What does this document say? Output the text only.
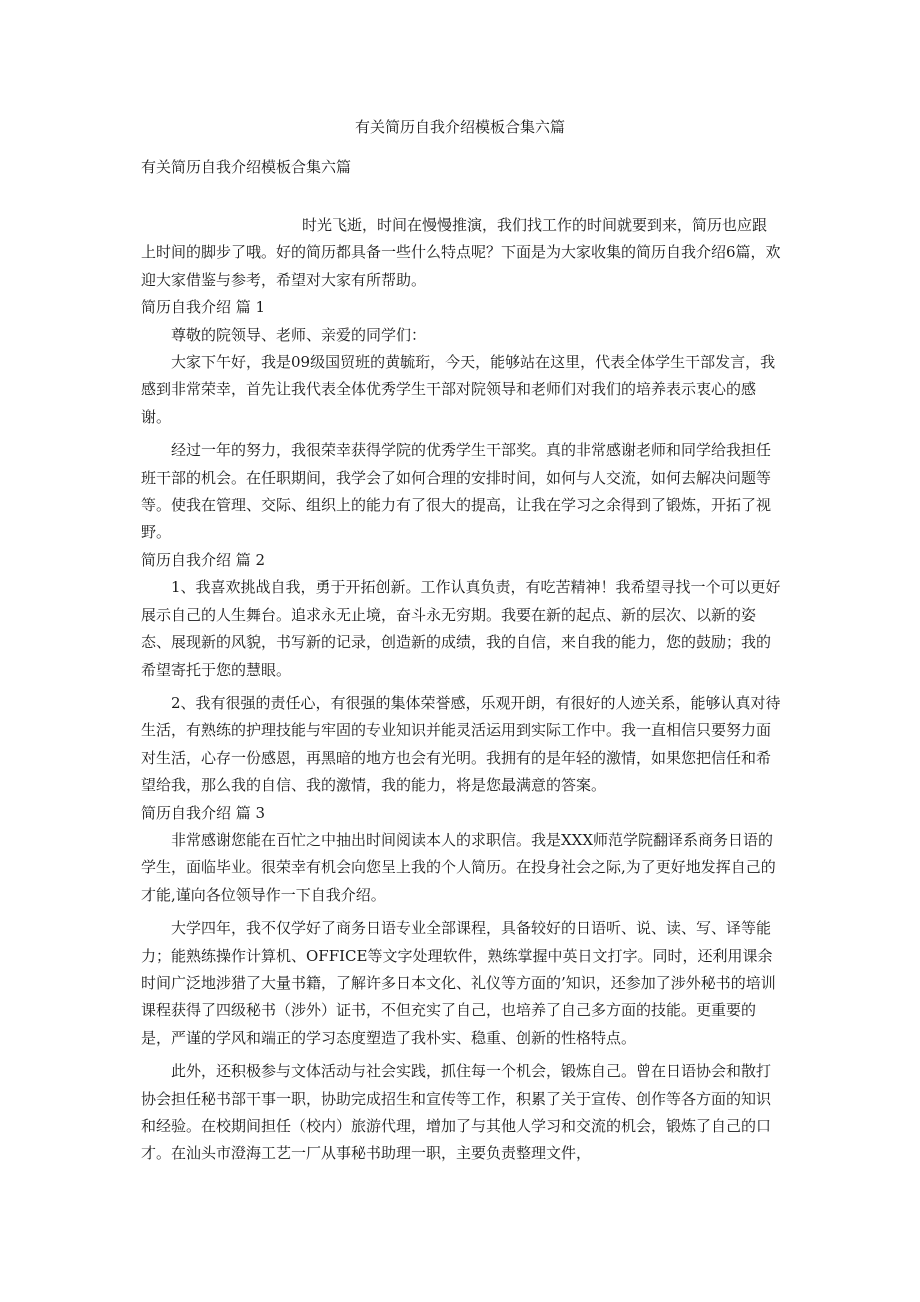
有关简历自我介绍模板合集六篇
有关简历自我介绍模板合集六篇

时光飞逝，时间在慢慢推演，我们找工作的时间就要到来，简历也应跟上时间的脚步了哦。好的简历都具备一些什么特点呢？下面是为大家收集的简历自我介绍6篇，欢迎大家借鉴与参考，希望对大家有所帮助。

简历自我介绍 篇 1

尊敬的院领导、老师、亲爱的同学们：

大家下午好，我是09级国贸班的黄毓珩，今天，能够站在这里，代表全体学生干部发言，我感到非常荣幸，首先让我代表全体优秀学生干部对院领导和老师们对我们的培养表示衷心的感谢。

经过一年的努力，我很荣幸获得学院的优秀学生干部奖。真的非常感谢老师和同学给我担任班干部的机会。在任职期间，我学会了如何合理的安排时间，如何与人交流，如何去解决问题等等。使我在管理、交际、组织上的能力有了很大的提高，让我在学习之余得到了锻炼，开拓了视野。

简历自我介绍 篇 2

1、我喜欢挑战自我，勇于开拓创新。工作认真负责，有吃苦精神！我希望寻找一个可以更好展示自己的人生舞台。追求永无止境，奋斗永无穷期。我要在新的起点、新的层次、以新的姿态、展现新的风貌，书写新的记录，创造新的成绩，我的自信，来自我的能力，您的鼓励；我的希望寄托于您的慧眼。

2、我有很强的责任心，有很强的集体荣誉感，乐观开朗，有很好的人迹关系，能够认真对待生活，有熟练的护理技能与牢固的专业知识并能灵活运用到实际工作中。我一直相信只要努力面对生活，心存一份感恩，再黑暗的地方也会有光明。我拥有的是年轻的激情，如果您把信任和希望给我，那么我的自信、我的激情，我的能力，将是您最满意的答案。

简历自我介绍 篇 3

非常感谢您能在百忙之中抽出时间阅读本人的求职信。我是XXX师范学院翻译系商务日语的学生，面临毕业。很荣幸有机会向您呈上我的个人简历。在投身社会之际,为了更好地发挥自己的才能,谨向各位领导作一下自我介绍。

大学四年，我不仅学好了商务日语专业全部课程，具备较好的日语听、说、读、写、译等能力；能熟练操作计算机、OFFICE等文字处理软件，熟练掌握中英日文打字。同时，还利用课余时间广泛地涉猎了大量书籍，了解许多日本文化、礼仪等方面的’知识，还参加了涉外秘书的培训课程获得了四级秘书（涉外）证书，不但充实了自己，也培养了自己多方面的技能。更重要的是，严谨的学风和端正的学习态度塑造了我朴实、稳重、创新的性格特点。

此外，还积极参与文体活动与社会实践，抓住每一个机会，锻炼自己。曾在日语协会和散打协会担任秘书部干事一职，协助完成招生和宣传等工作，积累了关于宣传、创作等各方面的知识和经验。在校期间担任（校内）旅游代理，增加了与其他人学习和交流的机会，锻炼了自己的口才。在汕头市澄海工艺一厂从事秘书助理一职，主要负责整理文件，
